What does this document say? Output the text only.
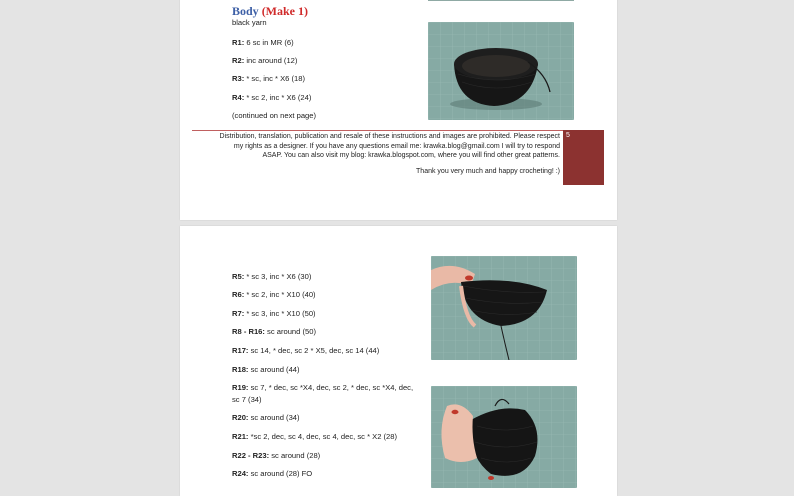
Body (Make 1)
black yarn
R1: 6 sc in MR (6)
R2: inc around (12)
R3: * sc, inc * X6 (18)
R4: * sc 2, inc * X6 (24)
(continued on next page)
Distribution, translation, publication and resale of these instructions and images are prohibited. Please respect
my rights as a designer. If you have any questions email me: krawka.blog@gmail.com I will try to respond
ASAP. You can also visit my blog: krawka.blogspot.com, where you will find other great patterns.
Thank you very much and happy crocheting! :)
5
R5: * sc 3, inc * X6 (30)
R6: * sc 2, inc * X10 (40)
R7: * sc 3, inc * X10 (50)
R8 - R16: sc around (50)
R17: sc 14, * dec, sc 2 * X5, dec, sc 14 (44)
R18: sc around (44)
R19: sc 7, * dec, sc *X4, dec, sc 2, * dec, sc *X4, dec,
sc 7 (34)
R20: sc around (34)
R21: *sc 2, dec, sc 4, dec, sc 4, dec, sc * X2 (28)
R22 - R23: sc around (28)
R24: sc around (28) FO
